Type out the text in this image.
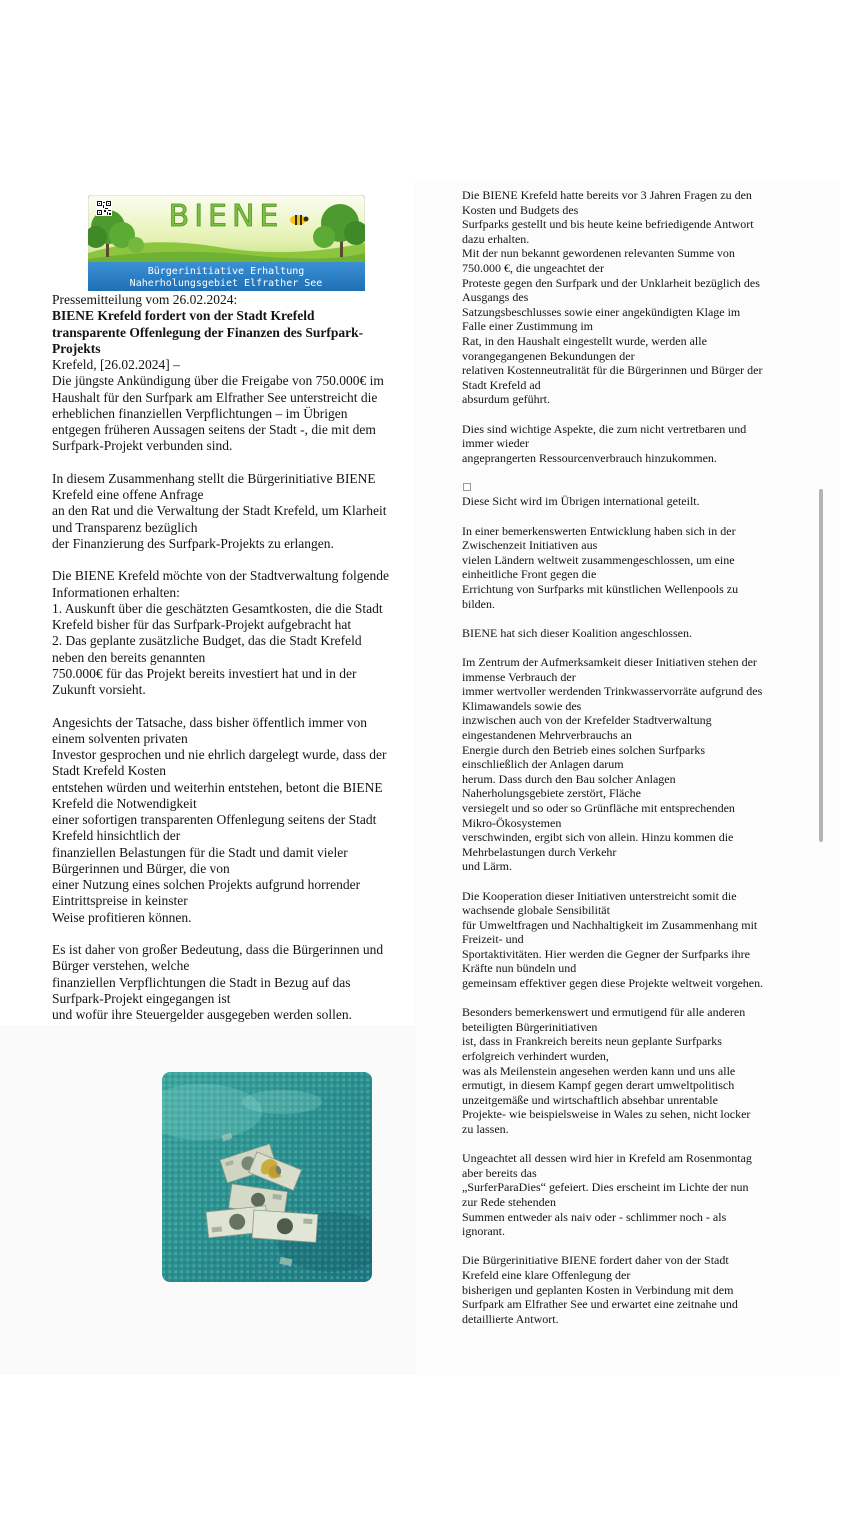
BIENE
Bürgerinitiative Erhaltung
Naherholungsgebiet Elfrather See
Pressemitteilung vom 26.02.2024:
BIENE Krefeld fordert von der Stadt Krefeld
transparente Offenlegung der Finanzen des Surfpark-
Projekts
Krefeld, [26.02.2024] –
Die jüngste Ankündigung über die Freigabe von 750.000€ im
Haushalt für den Surfpark am Elfrather See unterstreicht die
erheblichen finanziellen Verpflichtungen – im Übrigen
entgegen früheren Aussagen seitens der Stadt -, die mit dem
Surfpark-Projekt verbunden sind.
In diesem Zusammenhang stellt die Bürgerinitiative BIENE
Krefeld eine offene Anfrage
an den Rat und die Verwaltung der Stadt Krefeld, um Klarheit
und Transparenz bezüglich
der Finanzierung des Surfpark-Projekts zu erlangen.
Die BIENE Krefeld möchte von der Stadtverwaltung folgende
Informationen erhalten:
1. Auskunft über die geschätzten Gesamtkosten, die die Stadt
Krefeld bisher für das Surfpark-Projekt aufgebracht hat
2. Das geplante zusätzliche Budget, das die Stadt Krefeld
neben den bereits genannten
750.000€ für das Projekt bereits investiert hat und in der
Zukunft vorsieht.
Angesichts der Tatsache, dass bisher öffentlich immer von
einem solventen privaten
Investor gesprochen und nie ehrlich dargelegt wurde, dass der
Stadt Krefeld Kosten
entstehen würden und weiterhin entstehen, betont die BIENE
Krefeld die Notwendigkeit
einer sofortigen transparenten Offenlegung seitens der Stadt
Krefeld hinsichtlich der
finanziellen Belastungen für die Stadt und damit vieler
Bürgerinnen und Bürger, die von
einer Nutzung eines solchen Projekts aufgrund horrender
Eintrittspreise in keinster
Weise profitieren können.
Es ist daher von großer Bedeutung, dass die Bürgerinnen und
Bürger verstehen, welche
finanziellen Verpflichtungen die Stadt in Bezug auf das
Surfpark-Projekt eingegangen ist
und wofür ihre Steuergelder ausgegeben werden sollen.
Die BIENE Krefeld hatte bereits vor 3 Jahren Fragen zu den
Kosten und Budgets des
Surfparks gestellt und bis heute keine befriedigende Antwort
dazu erhalten.
Mit der nun bekannt gewordenen relevanten Summe von
750.000 €, die ungeachtet der
Proteste gegen den Surfpark und der Unklarheit bezüglich des
Ausgangs des
Satzungsbeschlusses sowie einer angekündigten Klage im
Falle einer Zustimmung im
Rat, in den Haushalt eingestellt wurde, werden alle
vorangegangenen Bekundungen der
relativen Kostenneutralität für die Bürgerinnen und Bürger der
Stadt Krefeld ad
absurdum geführt.
Dies sind wichtige Aspekte, die zum nicht vertretbaren und
immer wieder
angeprangerten Ressourcenverbrauch hinzukommen.
Diese Sicht wird im Übrigen international geteilt.
In einer bemerkenswerten Entwicklung haben sich in der
Zwischenzeit Initiativen aus
vielen Ländern weltweit zusammengeschlossen, um eine
einheitliche Front gegen die
Errichtung von Surfparks mit künstlichen Wellenpools zu
bilden.
BIENE hat sich dieser Koalition angeschlossen.
Im Zentrum der Aufmerksamkeit dieser Initiativen stehen der
immense Verbrauch der
immer wertvoller werdenden Trinkwasservorräte aufgrund des
Klimawandels sowie des
inzwischen auch von der Krefelder Stadtverwaltung
eingestandenen Mehrverbrauchs an
Energie durch den Betrieb eines solchen Surfparks
einschließlich der Anlagen darum
herum. Dass durch den Bau solcher Anlagen
Naherholungsgebiete zerstört, Fläche
versiegelt und so oder so Grünfläche mit entsprechenden
Mikro-Ökosystemen
verschwinden, ergibt sich von allein. Hinzu kommen die
Mehrbelastungen durch Verkehr
und Lärm.
Die Kooperation dieser Initiativen unterstreicht somit die
wachsende globale Sensibilität
für Umweltfragen und Nachhaltigkeit im Zusammenhang mit
Freizeit- und
Sportaktivitäten. Hier werden die Gegner der Surfparks ihre
Kräfte nun bündeln und
gemeinsam effektiver gegen diese Projekte weltweit vorgehen.
Besonders bemerkenswert und ermutigend für alle anderen
beteiligten Bürgerinitiativen
ist, dass in Frankreich bereits neun geplante Surfparks
erfolgreich verhindert wurden,
was als Meilenstein angesehen werden kann und uns alle
ermutigt, in diesem Kampf gegen derart umweltpolitisch
unzeitgemäße und wirtschaftlich absehbar unrentable
Projekte- wie beispielsweise in Wales zu sehen, nicht locker
zu lassen.
Ungeachtet all dessen wird hier in Krefeld am Rosenmontag
aber bereits das
„SurferParaDies“ gefeiert. Dies erscheint im Lichte der nun
zur Rede stehenden
Summen entweder als naiv oder - schlimmer noch - als
ignorant.
Die Bürgerinitiative BIENE fordert daher von der Stadt
Krefeld eine klare Offenlegung der
bisherigen und geplanten Kosten in Verbindung mit dem
Surfpark am Elfrather See und erwartet eine zeitnahe und
detaillierte Antwort.
